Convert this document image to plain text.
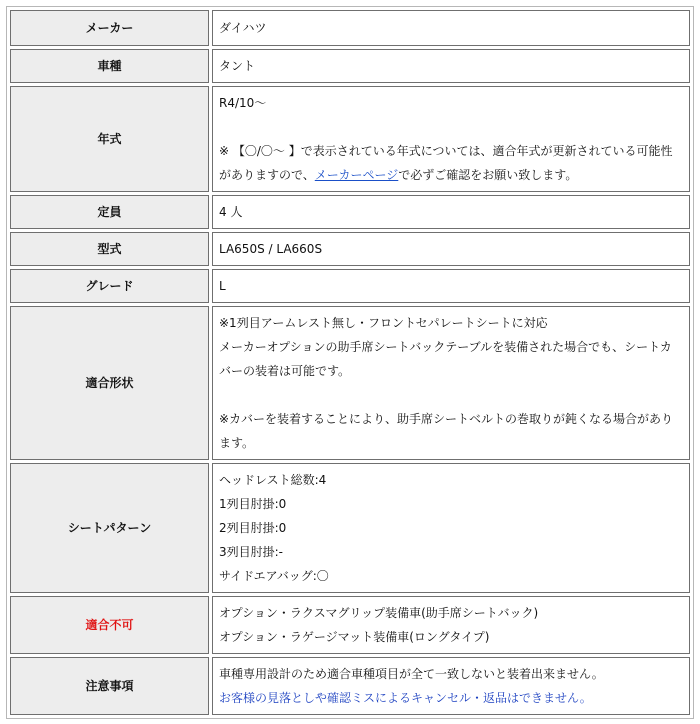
メーカー	ダイハツ
車種	タント
年式	R4/10～
※ 【〇/〇～ 】で表示されている年式については、適合年式が更新されている可能性がありますので、メーカーページで必ずご確認をお願い致します。

定員	4 人
型式	LA650S / LA660S
グレード	L
適合形状	※1列目アームレスト無し・フロントセパレートシートに対応
メーカーオプションの助手席シートバックテーブルを装備された場合でも、シートカバーの装着は可能です。
※カバーを装着することにより、助手席シートベルトの巻取りが鈍くなる場合があります。

シートパターン	ヘッドレスト総数:4
1列目肘掛:0
2列目肘掛:0
3列目肘掛:-
サイドエアバッグ:〇

適合不可	オプション・ラクスマグリップ装備車(助手席シートバック)
オプション・ラゲージマット装備車(ロングタイプ)

注意事項	車種専用設計のため適合車種項目が全て一致しないと装着出来ません。
お客様の見落としや確認ミスによるキャンセル・返品はできません。
